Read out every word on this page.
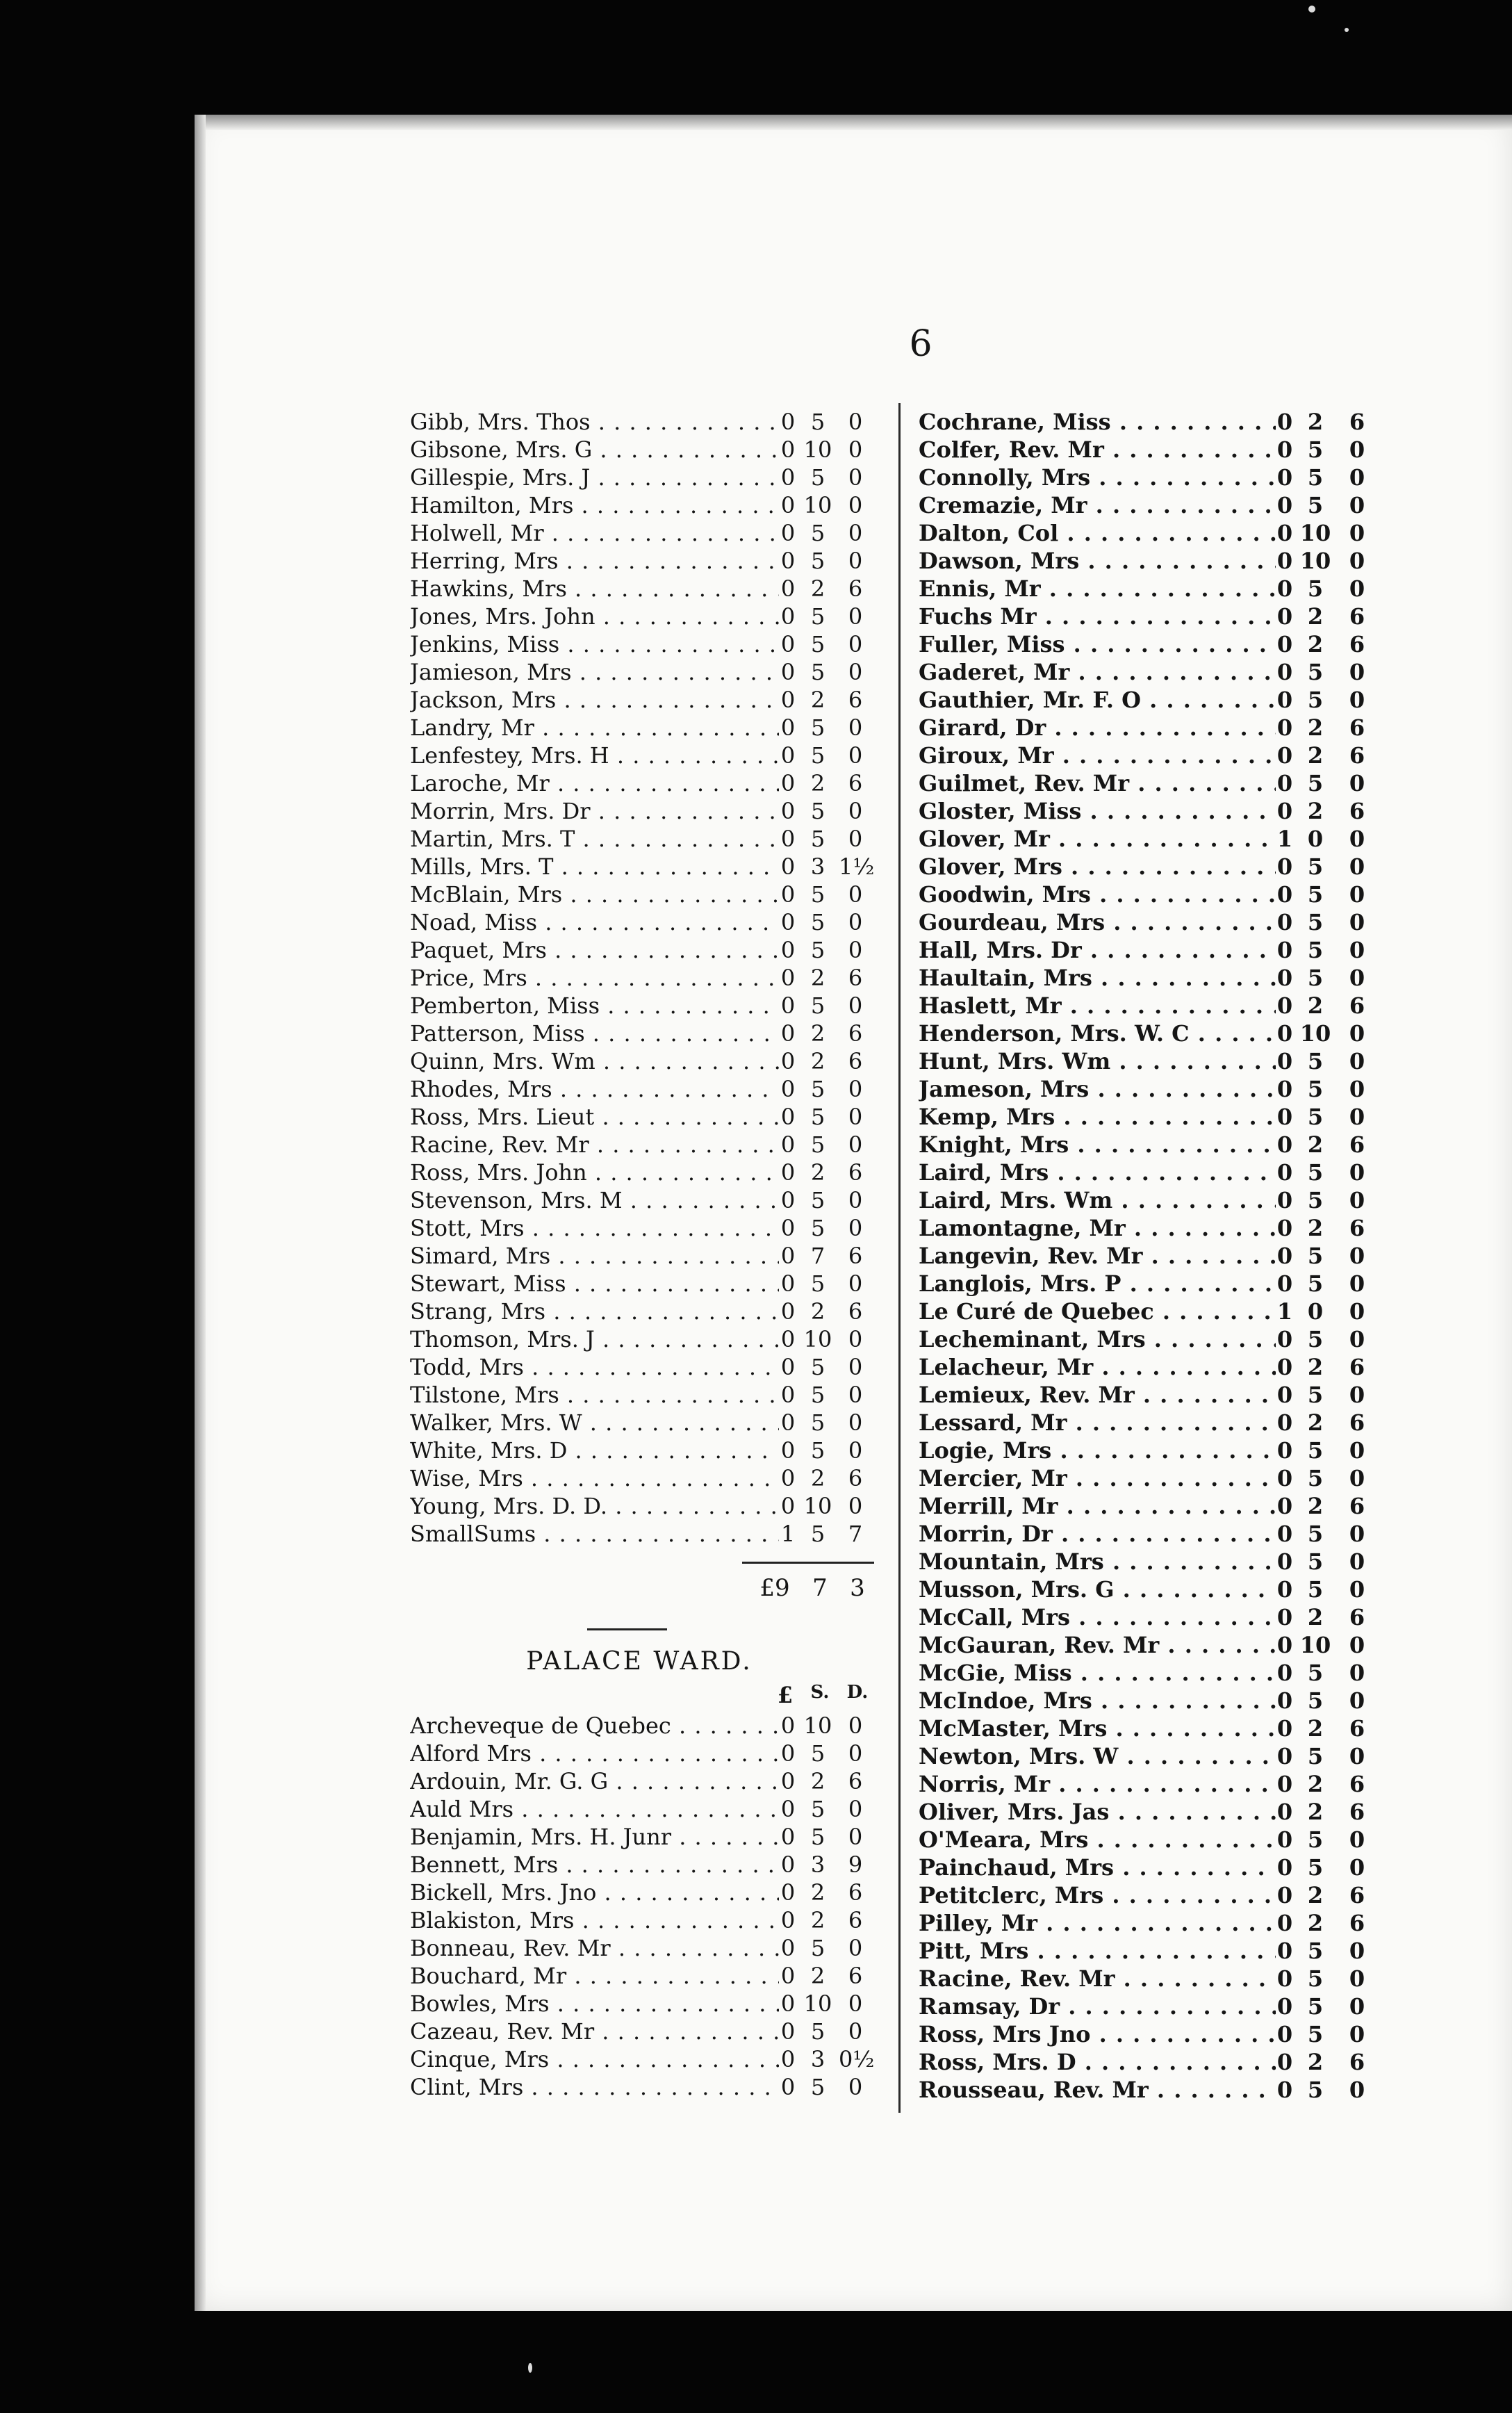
6
Gibb, Mrs. Thos . . .	0 5	0
Gibsone, Mrs. G . . .	0 10 0
Gillespie, Mrs. J . . .	0 5	0
Hamilton, Mrs . . .	0 10 0
Holwell, Mr . . .	0 5	0
Herring, Mrs . . .	0 5	0
Hawkins, Mrs . . .	0 2	6
Jones, Mrs. John . . .	0 5	0
Jenkins, Miss . . .	0 5	0
Jamieson, Mrs . . .	0 5	0
Jackson, Mrs . . .	0 2	6
Landry, Mr . . .	0 5	0
Lenfestey, Mrs. H . . .	0 5	0
Laroche, Mr . . .	0 2	6
Morrin, Mrs. Dr . . .	0 5	0
Martin, Mrs. T . . .	0 5	0
Mills, Mrs. T . . .	0 3 1½
McBlain, Mrs . . .	0 5	0
Noad, Miss . . .	0 5	0
Paquet, Mrs . . .	0 5	0
Price, Mrs . . .	0 2	6
Pemberton, Miss . . .	0 5	0
Patterson, Miss . . .	0 2	6
Quinn, Mrs. Wm . . .	0 2	6
Rhodes, Mrs . . .	0 5	0
Ross, Mrs. Lieut . . .	0 5	0
Racine, Rev. Mr . . .	0 5	0
Ross, Mrs. John . . .	0 2	6
Stevenson, Mrs. M . . .	0 5	0
Stott, Mrs . . .	0 5	0
Simard, Mrs . . .	0 7	6
Stewart, Miss . . .	0 5	0
Strang, Mrs . . .	0 2	6
Thomson, Mrs. J . . .	0 10 0
Todd, Mrs . . .	0 5	0
Tilstone, Mrs . . .	0 5	0
Walker, Mrs. W . . .	0 5	0
White, Mrs. D . . .	0 5	0
Wise, Mrs . . .	0 2	6
Young, Mrs. D. D. . . .	0 10 0
SmallSums . . .	1 5	7
£9 7 3
PALACE WARD.
£ S. D.
Archeveque de Quebec . . .	0 10 0
Alford Mrs . . .	0 5	0
Ardouin, Mr. G. G . . .	0 2	6
Auld Mrs . . .	0 5	0
Benjamin, Mrs. H. Junr . . .	0 5	0
Bennett, Mrs . . .	0 3	9
Bickell, Mrs. Jno . . .	0 2	6
Blakiston, Mrs . . .	0 2	6
Bonneau, Rev. Mr . . .	0 5	0
Bouchard, Mr . . .	0 2	6
Bowles, Mrs . . .	0 10 0
Cazeau, Rev. Mr . . .	0 5	0
Cinque, Mrs . . .	0 3 0½
Clint, Mrs . . .	0 5	0
Cochrane, Miss . . .	0 2	6
Colfer, Rev. Mr . . .	0 5	0
Connolly, Mrs . . .	0 5	0
Cremazie, Mr . . .	0 5	0
Dalton, Col . . .	0 10 0
Dawson, Mrs . . .	0 10 0
Ennis, Mr . . .	0 5	0
Fuchs Mr . . .	0 2	6
Fuller, Miss . . .	0 2	6
Gaderet, Mr . . .	0 5	0
Gauthier, Mr. F. O . . .	0 5	0
Girard, Dr . . .	0 2	6
Giroux, Mr . . .	0 2	6
Guilmet, Rev. Mr . . .	0 5	0
Gloster, Miss . . .	0 2	6
Glover, Mr . . .	1 0	0
Glover, Mrs . . .	0 5	0
Goodwin, Mrs . . .	0 5	0
Gourdeau, Mrs . . .	0 5	0
Hall, Mrs. Dr . . .	0 5	0
Haultain, Mrs . . .	0 5	0
Haslett, Mr . . .	0 2	6
Henderson, Mrs. W. C . . .	0 10 0
Hunt, Mrs. Wm . . .	0 5	0
Jameson, Mrs . . .	0 5	0
Kemp, Mrs . . .	0 5	0
Knight, Mrs . . .	0 2	6
Laird, Mrs . . .	0 5	0
Laird, Mrs. Wm . . .	0 5	0
Lamontagne, Mr . . .	0 2	6
Langevin, Rev. Mr . . .	0 5	0
Langlois, Mrs. P . . .	0 5	0
Le Curé de Quebec . . .	1 0	0
Lecheminant, Mrs . . .	0 5	0
Lelacheur, Mr . . .	0 2	6
Lemieux, Rev. Mr . . .	0 5	0
Lessard, Mr . . .	0 2	6
Logie, Mrs . . .	0 5	0
Mercier, Mr . . .	0 5	0
Merrill, Mr . . .	0 2	6
Morrin, Dr . . .	0 5	0
Mountain, Mrs . . .	0 5	0
Musson, Mrs. G . . .	0 5	0
McCall, Mrs . . .	0 2	6
McGauran, Rev. Mr . . .	0 10 0
McGie, Miss . . .	0 5	0
McIndoe, Mrs . . .	0 5	0
McMaster, Mrs . . .	0 2	6
Newton, Mrs. W . . .	0 5	0
Norris, Mr . . .	0 2	6
Oliver, Mrs. Jas . . .	0 2	6
O'Meara, Mrs . . .	0 5	0
Painchaud, Mrs . . .	0 5	0
Petitclerc, Mrs . . .	0 2	6
Pilley, Mr . . .	0 2	6
Pitt, Mrs . . .	0 5	0
Racine, Rev. Mr . . .	0 5	0
Ramsay, Dr . . .	0 5	0
Ross, Mrs Jno . . .	0 5	0
Ross, Mrs. D . . .	0 2	6
Rousseau, Rev. Mr . . .	0 5	0
